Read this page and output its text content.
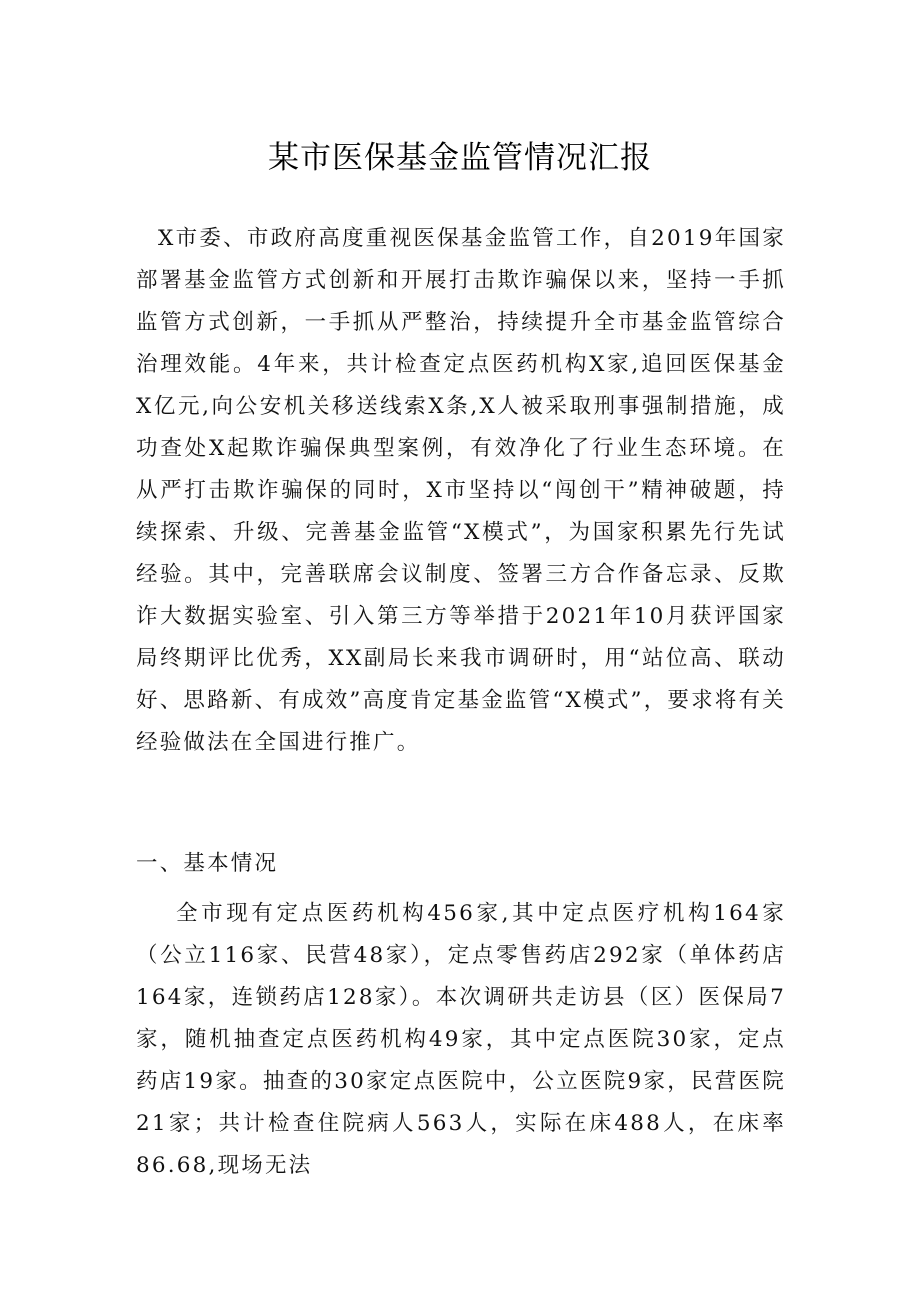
某市医保基金监管情况汇报

X市委、市政府高度重视医保基金监管工作，自2019年国家部署基金监管方式创新和开展打击欺诈骗保以来，坚持一手抓监管方式创新，一手抓从严整治，持续提升全市基金监管综合治理效能。4年来，共计检查定点医药机构X家,追回医保基金X亿元,向公安机关移送线索X条,X人被采取刑事强制措施，成功查处X起欺诈骗保典型案例，有效净化了行业生态环境。在从严打击欺诈骗保的同时，X市坚持以“闯创干”精神破题，持续探索、升级、完善基金监管“X模式”，为国家积累先行先试经验。其中，完善联席会议制度、签署三方合作备忘录、反欺诈大数据实验室、引入第三方等举措于2021年10月获评国家局终期评比优秀，XX副局长来我市调研时，用“站位高、联动好、思路新、有成效”高度肯定基金监管“X模式”，要求将有关经验做法在全国进行推广。

一、基本情况

全市现有定点医药机构456家,其中定点医疗机构164家（公立116家、民营48家），定点零售药店292家（单体药店164家，连锁药店128家）。本次调研共走访县（区）医保局7家，随机抽查定点医药机构49家，其中定点医院30家，定点药店19家。抽查的30家定点医院中，公立医院9家，民营医院21家；共计检查住院病人563人，实际在床488人，在床率86.68,现场无法
